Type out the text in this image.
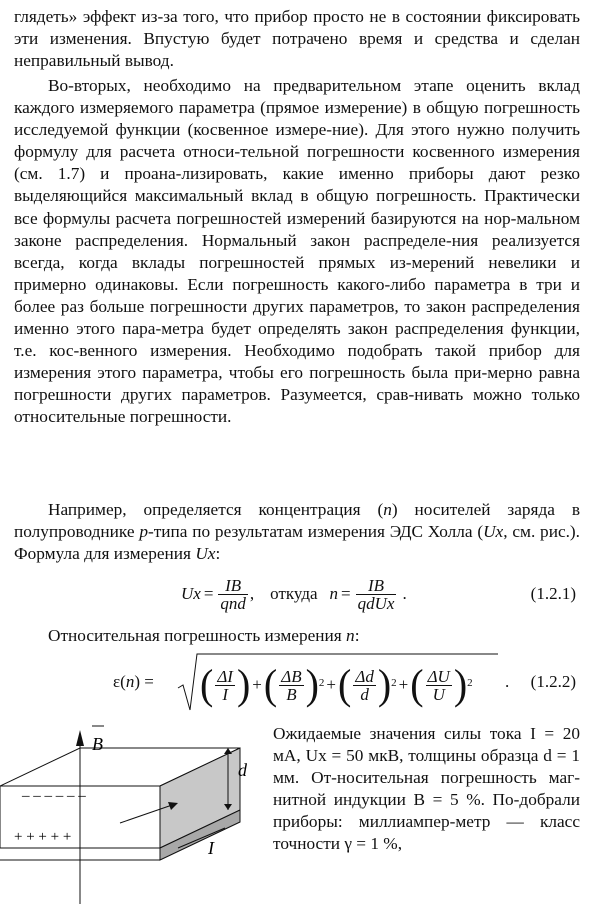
глядеть» эффект из-за того, что прибор просто не в состоянии фиксировать эти изменения. Впустую будет потрачено время и средства и сделан неправильный вывод.

Во-вторых, необходимо на предварительном этапе оценить вклад каждого измеряемого параметра (прямое измерение) в общую погрешность исследуемой функции (косвенное измере-ние). Для этого нужно получить формулу для расчета относи-тельной погрешности косвенного измерения (см. 1.7) и проана-лизировать, какие именно приборы дают резко выделяющийся максимальный вклад в общую погрешность. Практически все формулы расчета погрешностей измерений базируются на нор-мальном законе распределения. Нормальный закон распределе-ния реализуется всегда, когда вклады погрешностей прямых из-мерений невелики и примерно одинаковы. Если погрешность какого-либо параметра в три и более раз больше погрешности других параметров, то закон распределения именно этого пара-метра будет определять закон распределения функции, т.е. кос-венного измерения. Необходимо подобрать такой прибор для измерения этого параметра, чтобы его погрешность была при-мерно равна погрешности других параметров. Разумеется, срав-нивать можно только относительные погрешности.

Например, определяется концентрация (n) носителей заряда в полупроводнике p-типа по результатам измерения ЭДС Холла (Ux, см. рис.). Формула для измерения Ux:

$Ux = \frac{IB}{\text{qnd}}$ , откуда $n = \frac{IB}{\text{qdUx}}$ .	(1.2.1)

Относительная погрешность измерения n:

ε(n) = ( $\frac{\Delta I}{I}$ ) + ( $\frac{\Delta B}{B}$ ) 2 + ( $\frac{\Delta d}{d}$ ) 2 + ( $\frac{\Delta U}{U}$ ) 2 . (1.2.2)
B
d
I
– – – – – –
+ + + + +

Ожидаемые значения силы тока I = 20 мА, Ux = 50 мкВ, толщины образца d = 1 мм. От-носительная погрешность маг-нитной индукции B = 5 %. По-добрали приборы: миллиампер-метр — класс точности γ = 1 %,
